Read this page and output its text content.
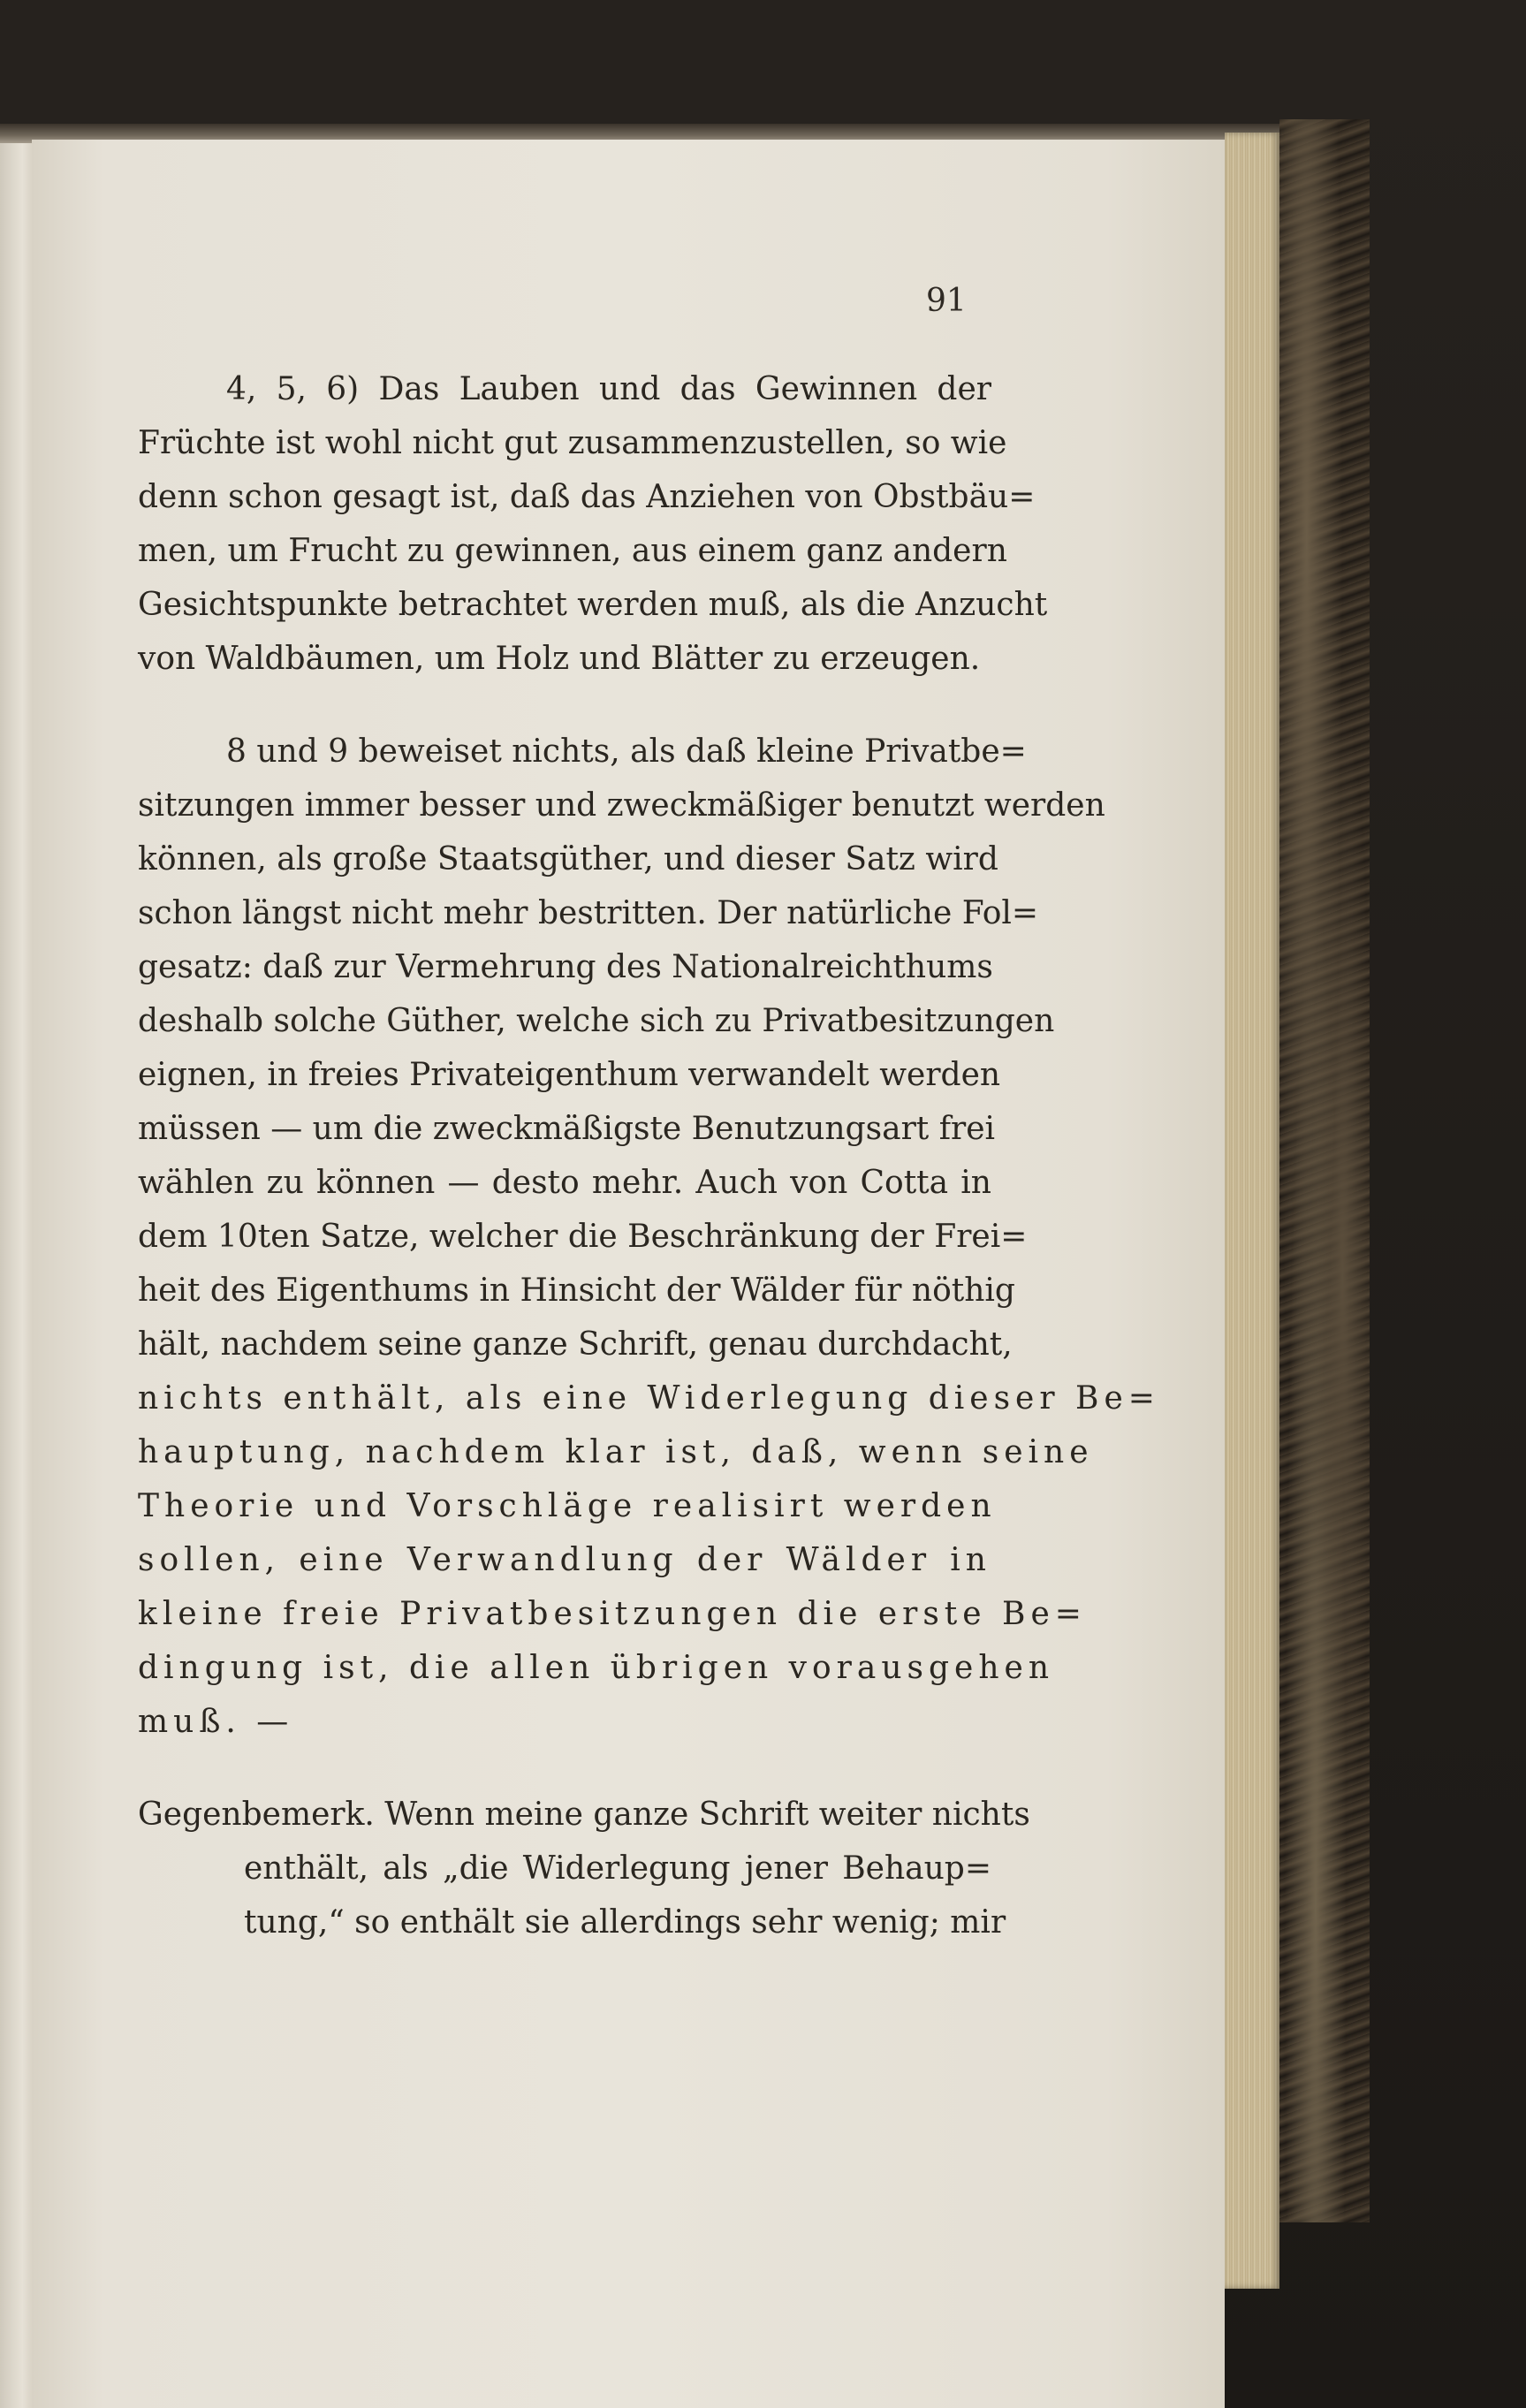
91
4, 5, 6) Das Lauben und das Gewinnen der
Früchte ist wohl nicht gut zusammenzustellen, so wie
denn schon gesagt ist, daß das Anziehen von Obstbäu=
men, um Frucht zu gewinnen, aus einem ganz andern
Gesichtspunkte betrachtet werden muß, als die Anzucht
von Waldbäumen, um Holz und Blätter zu erzeugen.
8 und 9 beweiset nichts, als daß kleine Privatbe=
sitzungen immer besser und zweckmäßiger benutzt werden
können, als große Staatsgüther, und dieser Satz wird
schon längst nicht mehr bestritten. Der natürliche Fol=
gesatz: daß zur Vermehrung des Nationalreichthums
deshalb solche Güther, welche sich zu Privatbesitzungen
eignen, in freies Privateigenthum verwandelt werden
müssen — um die zweckmäßigste Benutzungsart frei
wählen zu können — desto mehr. Auch von Cotta in
dem 10ten Satze, welcher die Beschränkung der Frei=
heit des Eigenthums in Hinsicht der Wälder für nöthig
hält, nachdem seine ganze Schrift, genau durchdacht,
nichts enthält, als eine Widerlegung dieser Be=
hauptung, nachdem klar ist, daß, wenn seine
Theorie und Vorschläge realisirt werden
sollen, eine Verwandlung der Wälder in
kleine freie Privatbesitzungen die erste Be=
dingung ist, die allen übrigen vorausgehen
muß. —
Gegenbemerk. Wenn meine ganze Schrift weiter nichts
enthält, als „die Widerlegung jener Behaup=
tung,“ so enthält sie allerdings sehr wenig; mir
